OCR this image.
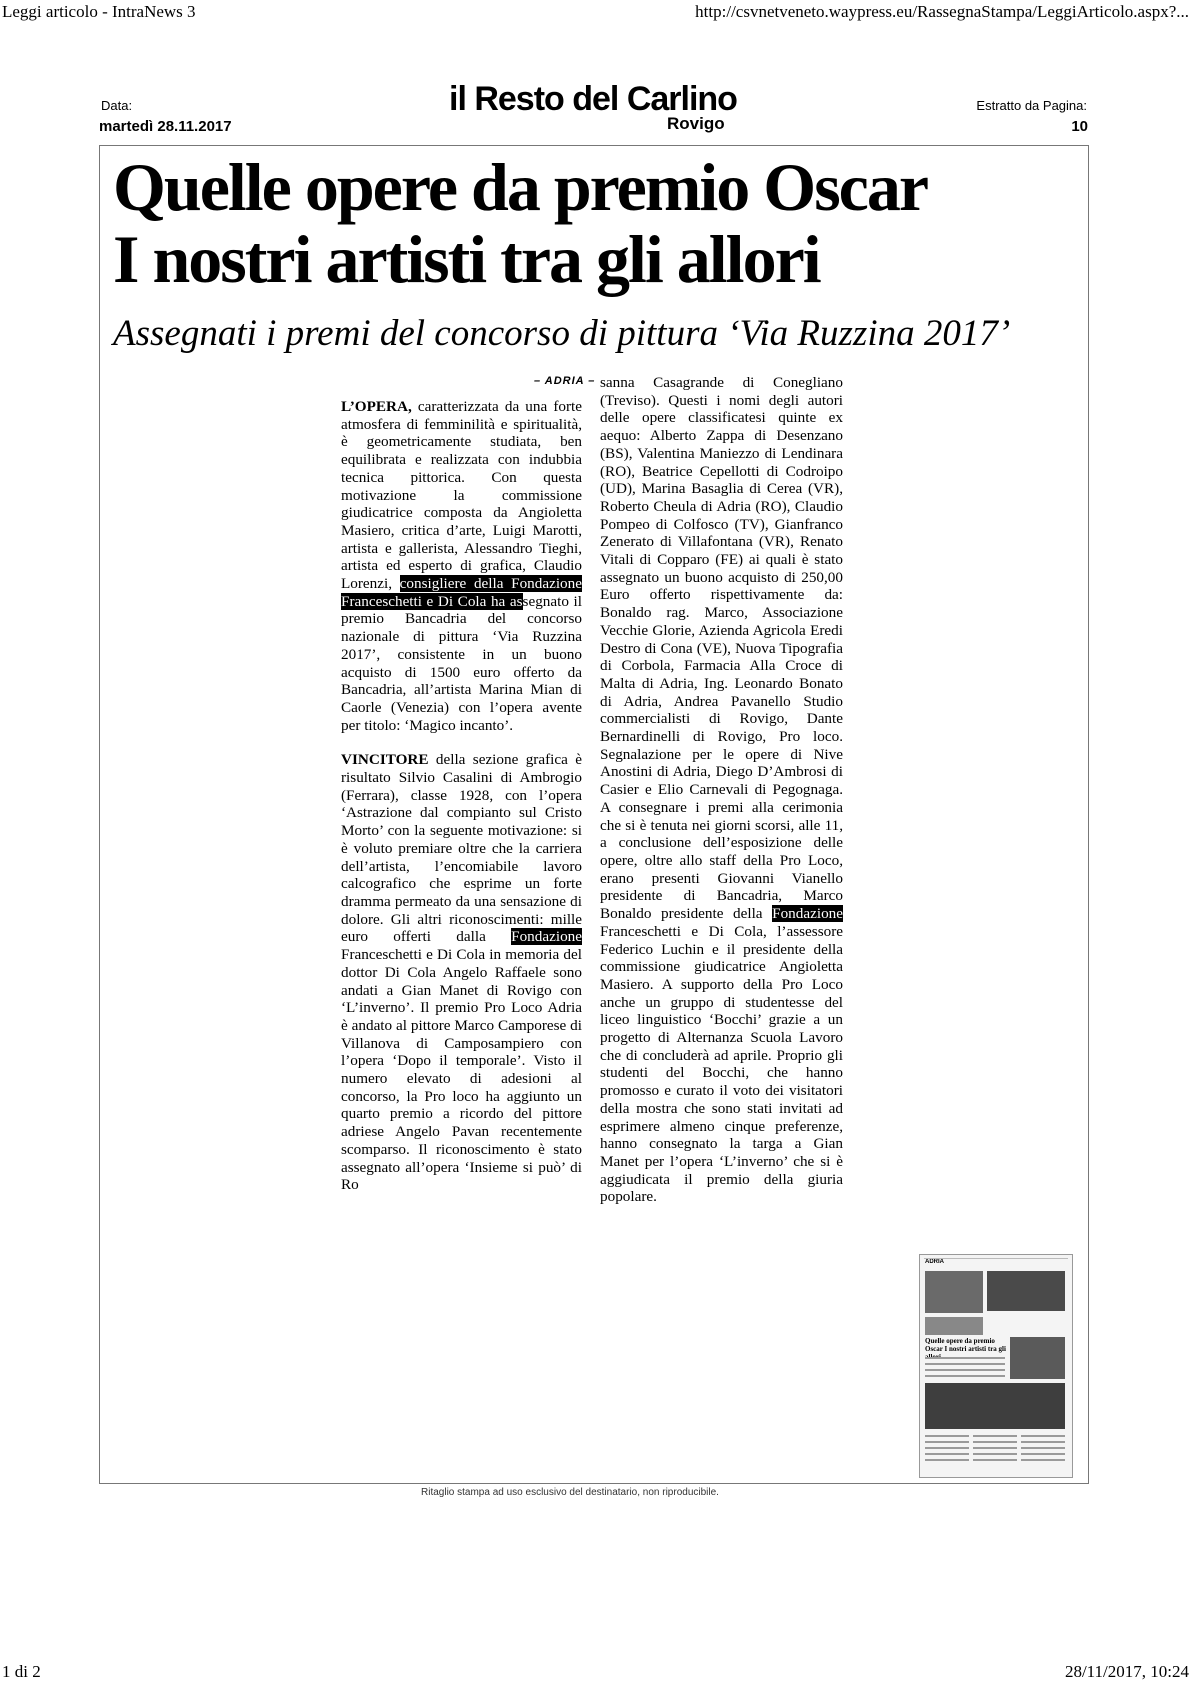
Leggi articolo - IntraNews 3	http://csvnetveneto.waypress.eu/RassegnaStampa/LeggiArticolo.aspx?...
Data:
martedì 28.11.2017
il Resto del Carlino
Rovigo
Estratto da Pagina:
10
Quelle opere da premio Oscar
I nostri artisti tra gli allori
Assegnati i premi del concorso di pittura ‘Via Ruzzina 2017’
– ADRIA –

L’OPERA, caratterizzata da una forte atmosfera di femminilità e spiritualità, è geometricamente studiata, ben equilibrata e realizzata con indubbia tecnica pittorica. Con questa motivazione la commissione giudicatrice composta da Angioletta Masiero, critica d’arte, Luigi Marotti, artista e gallerista, Alessandro Tieghi, artista ed esperto di grafica, Claudio Lorenzi, consigliere della Fondazione Franceschetti e Di Cola ha assegnato il premio Bancadria del concorso nazionale di pittura ‘Via Ruzzina 2017’, consistente in un buono acquisto di 1500 euro offerto da Bancadria, all’artista Marina Mian di Caorle (Venezia) con l’opera avente per titolo: ‘Magico incanto’.

VINCITORE della sezione grafica è risultato Silvio Casalini di Ambrogio (Ferrara), classe 1928, con l’opera ‘Astrazione dal compianto sul Cristo Morto’ con la seguente motivazione: si è voluto premiare oltre che la carriera dell’artista, l’encomiabile lavoro calcografico che esprime un forte dramma permeato da una sensazione di dolore. Gli altri riconoscimenti: mille euro offerti dalla Fondazione Franceschetti e Di Cola in memoria del dottor Di Cola Angelo Raffaele sono andati a Gian Manet di Rovigo con ‘L’inverno’. Il premio Pro Loco Adria è andato al pittore Marco Camporese di Villanova di Camposampiero con l’opera ‘Dopo il temporale’. Visto il numero elevato di adesioni al concorso, la Pro loco ha aggiunto un quarto premio a ricordo del pittore adriese Angelo Pavan recentemente scomparso. Il riconoscimento è stato assegnato all’opera ‘Insieme si può’ di Ro

sanna Casagrande di Conegliano (Treviso). Questi i nomi degli autori delle opere classificatesi quinte ex aequo: Alberto Zappa di Desenzano (BS), Valentina Maniezzo di Lendinara (RO), Beatrice Cepellotti di Codroipo (UD), Marina Basaglia di Cerea (VR), Roberto Cheula di Adria (RO), Claudio Pompeo di Colfosco (TV), Gianfranco Zenerato di Villafontana (VR), Renato Vitali di Copparo (FE) ai quali è stato assegnato un buono acquisto di 250,00 Euro offerto rispettivamente da: Bonaldo rag. Marco, Associazione Vecchie Glorie, Azienda Agricola Eredi Destro di Cona (VE), Nuova Tipografia di Corbola, Farmacia Alla Croce di Malta di Adria, Ing. Leonardo Bonato di Adria, Andrea Pavanello Studio commercialisti di Rovigo, Dante Bernardinelli di Rovigo, Pro loco. Segnalazione per le opere di Nive Anostini di Adria, Diego D’Ambrosi di Casier e Elio Carnevali di Pegognaga. A consegnare i premi alla cerimonia che si è tenuta nei giorni scorsi, alle 11, a conclusione dell’esposizione delle opere, oltre allo staff della Pro Loco, erano presenti Giovanni Vianello presidente di Bancadria, Marco Bonaldo presidente della Fondazione Franceschetti e Di Cola, l’assessore Federico Luchin e il presidente della commissione giudicatrice Angioletta Masiero. A supporto della Pro Loco anche un gruppo di studentesse del liceo linguistico ‘Bocchi’ grazie a un progetto di Alternanza Scuola Lavoro che di concluderà ad aprile. Proprio gli studenti del Bocchi, che hanno promosso e curato il voto dei visitatori della mostra che sono stati invitati ad esprimere almeno cinque preferenze, hanno consegnato la targa a Gian Manet per l’opera ‘L’inverno’ che si è aggiudicata il premio della giuria popolare.

ADRIA
Quelle opere da premio Oscar I nostri artisti tra gli
Ritaglio stampa ad uso esclusivo del destinatario, non riproducibile.
1 di 2	28/11/2017, 10:24
